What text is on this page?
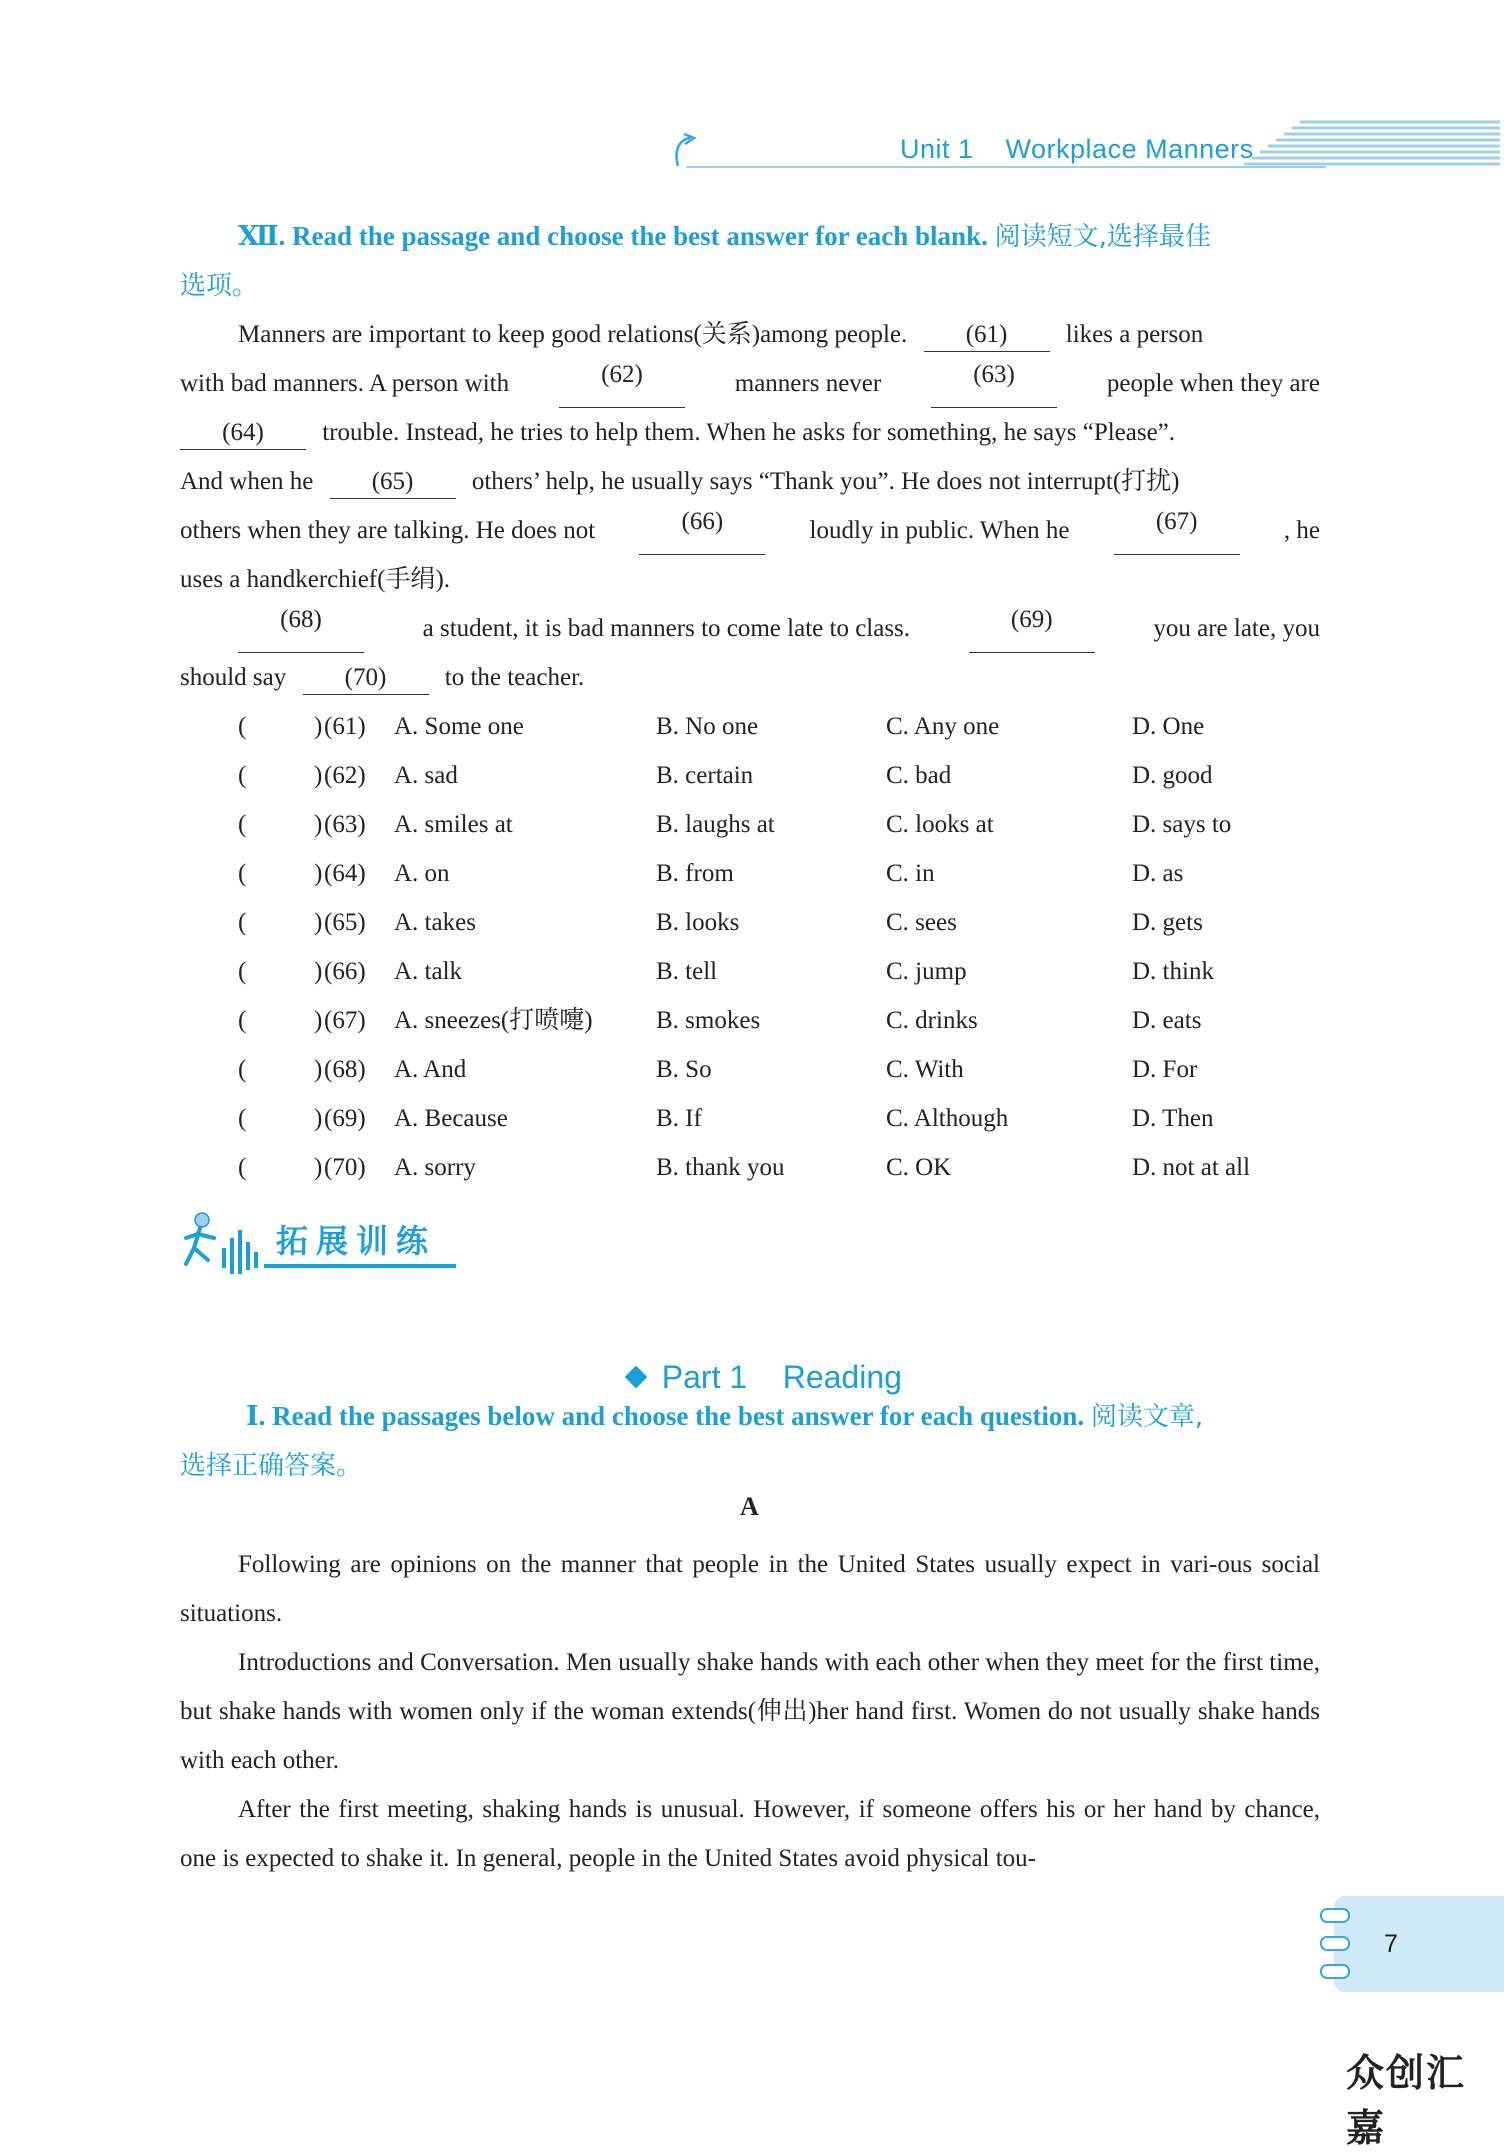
Unit 1    Workplace Manners
Ⅻ. Read the passage and choose the best answer for each blank. 阅读短文,选择最佳
选项。
Manners are important to keep good relations(关系)among people. (61) likes a person
with bad manners. A person with	(62)	manners never	(63)	people when they are
(64) trouble. Instead, he tries to help them. When he asks for something, he says “Please”.
And when he (65) others’ help, he usually says “Thank you”. He does not interrupt(打扰)
others when they are talking. He does not	(66)	loudly in public. When he	(67)	, he
uses a handkerchief(手绢).
(68)	a student, it is bad manners to come late to class.	(69)	you are late, you
should say (70) to the teacher.
(	) (61) A. Some one	B. No one	C. Any one	D. One
(	) (62) A. sad	B. certain	C. bad	D. good
(	) (63) A. smiles at	B. laughs at	C. looks at	D. says to
(	) (64) A. on	B. from	C. in	D. as
(	) (65) A. takes	B. looks	C. sees	D. gets
(	) (66) A. talk	B. tell	C. jump	D. think
(	) (67) A. sneezes(打喷嚏)	B. smokes	C. drinks	D. eats
(	) (68) A. And	B. So	C. With	D. For
(	) (69) A. Because	B. If	C. Although	D. Then
(	) (70) A. sorry	B. thank you	C. OK	D. not at all
拓展训练

Part 1    Reading

Ⅰ. Read the passages below and choose the best answer for each question. 阅读文章,
选择正确答案。
A
Following are opinions on the manner that people in the United States usually expect in vari-ous social situations.
Introductions and Conversation. Men usually shake hands with each other when they meet for the first time, but shake hands with women only if the woman extends(伸出)her hand first. Women do not usually shake hands with each other.
After the first meeting, shaking hands is unusual. However, if someone offers his or her hand by chance, one is expected to shake it. In general, people in the United States avoid physical tou-
7
众创汇嘉
